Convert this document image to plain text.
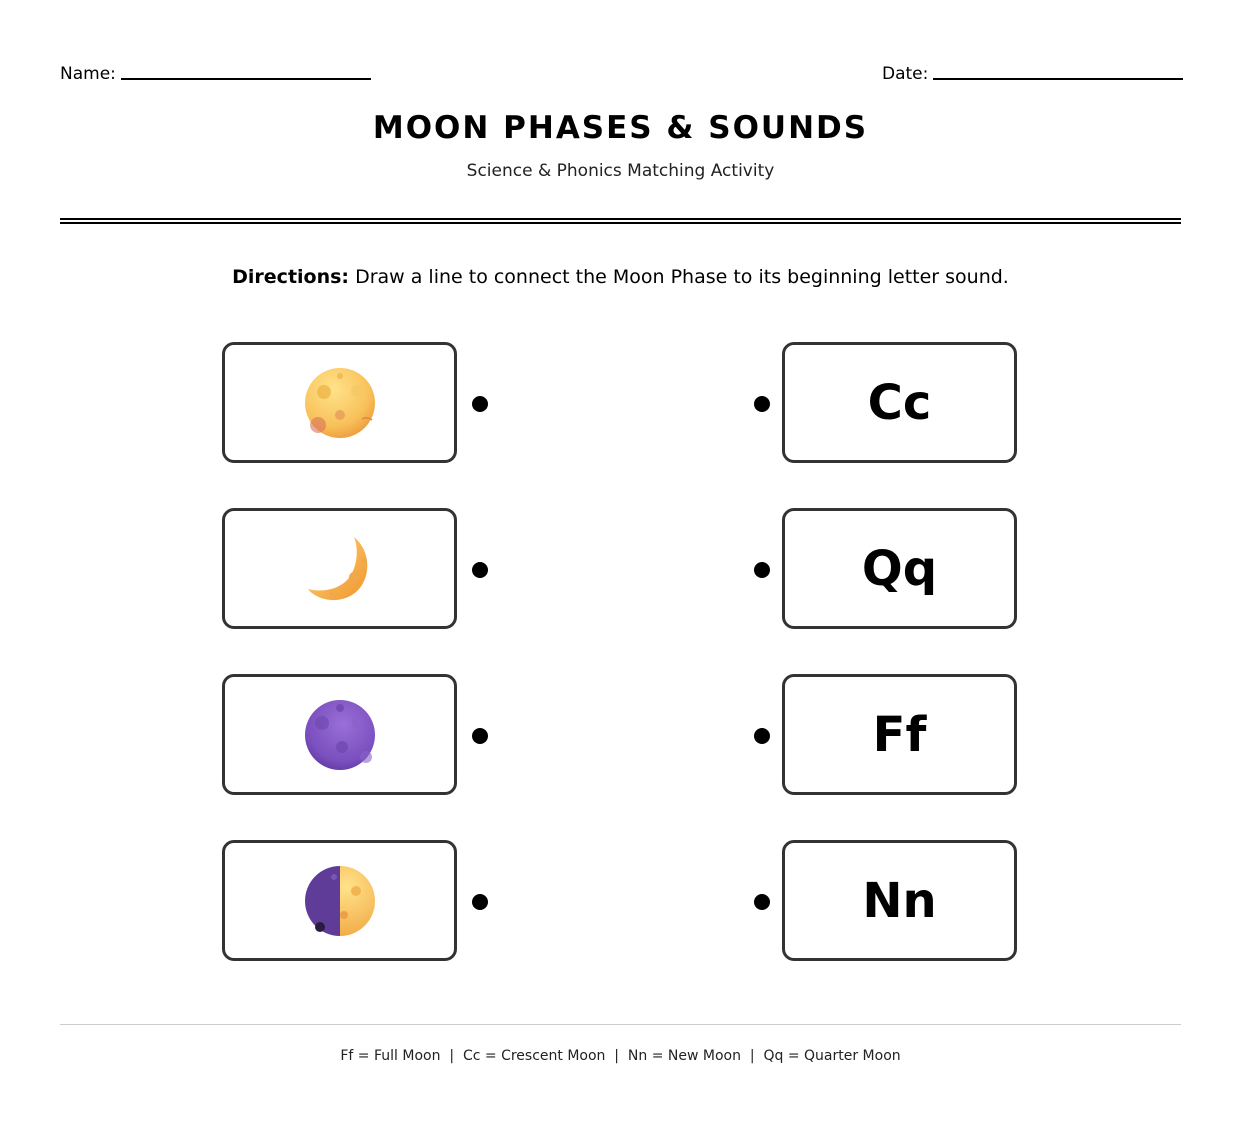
Name:	Date:
MOON PHASES & SOUNDS
Science & Phonics Matching Activity
Directions: Draw a line to connect the Moon Phase to its beginning letter sound.
Cc
Qq
Ff
Nn
Ff = Full Moon  |  Cc = Crescent Moon  |  Nn = New Moon  |  Qq = Quarter Moon
